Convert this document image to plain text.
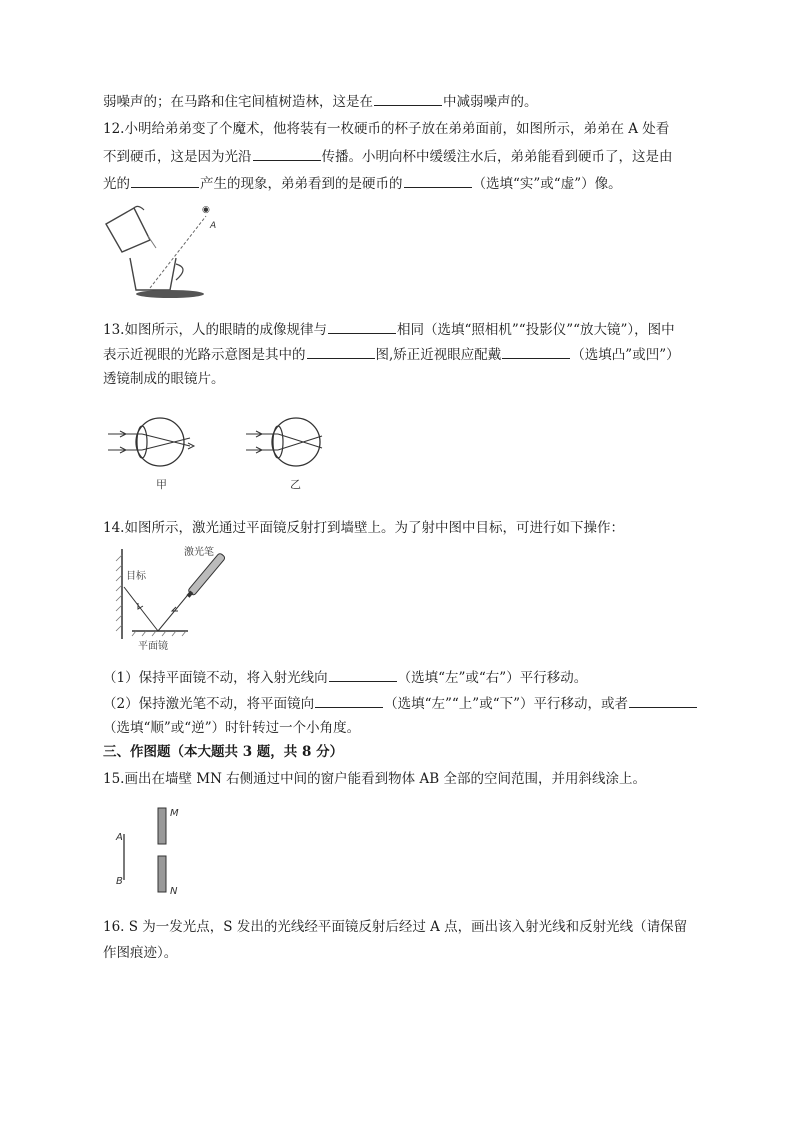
弱噪声的；在马路和住宅间植树造林，这是在	中减弱噪声的。
12.小明给弟弟变了个魔术，他将装有一枚硬币的杯子放在弟弟面前，如图所示，弟弟在 A 处看
不到硬币，这是因为光沿	传播。小明向杯中缓缓注水后，弟弟能看到硬币了，这是由
光的	产生的现象，弟弟看到的是硬币的	（选填“实”或“虚”）像。
◉
A
13.如图所示，人的眼睛的成像规律与	相同（选填“照相机”“投影仪”“放大镜”），图中
表示近视眼的光路示意图是其中的	图,矫正近视眼应配戴	（选填凸”或凹”）
透镜制成的眼镜片。
甲	乙
14.如图所示，激光通过平面镜反射打到墙壁上。为了射中图中目标，可进行如下操作：
目标
平面镜
激光笔
（1）保持平面镜不动，将入射光线向	（选填“左”或“右”）平行移动。
（2）保持激光笔不动，将平面镜向	（选填“左”“上”或“下”）平行移动，或者
（选填“顺”或“逆”）时针转过一个小角度。
三、作图题（本大题共 3 题，共 8 分）
15.画出在墙壁 MN 右侧通过中间的窗户能看到物体 AB 全部的空间范围，并用斜线涂上。
A
B
M
N
16. S 为一发光点，S 发出的光线经平面镜反射后经过 A 点，画出该入射光线和反射光线（请保留
作图痕迹）。
